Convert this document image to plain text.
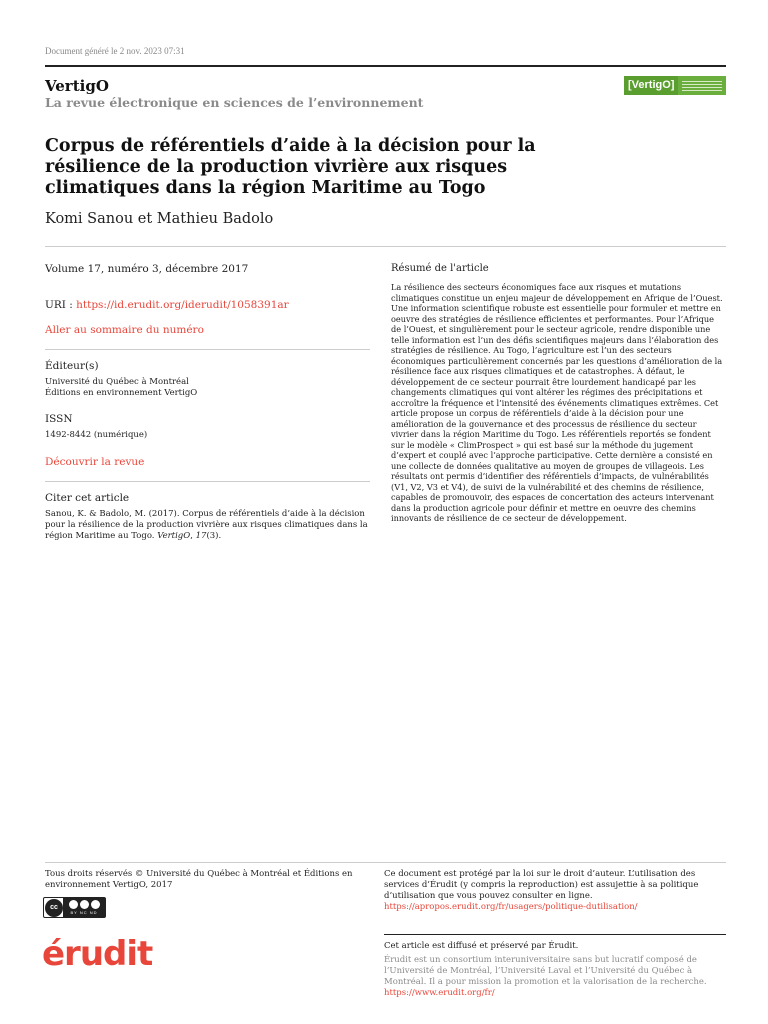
Document généré le 2 nov. 2023 07:31
VertigO
La revue électronique en sciences de l’environnement
[VertigO]
Corpus de référentiels d’aide à la décision pour la résilience de la production vivrière aux risques climatiques dans la région Maritime au Togo
Komi Sanou et Mathieu Badolo
Volume 17, numéro 3, décembre 2017
URI : https://id.erudit.org/iderudit/1058391ar
Aller au sommaire du numéro
Éditeur(s)
Université du Québec à Montréal
Éditions en environnement VertigO
ISSN
1492-8442 (numérique)
Découvrir la revue
Citer cet article
Sanou, K. & Badolo, M. (2017). Corpus de référentiels d’aide à la décision pour la résilience de la production vivrière aux risques climatiques dans la région Maritime au Togo. VertigO, 17(3).
Résumé de l'article
La résilience des secteurs économiques face aux risques et mutations climatiques constitue un enjeu majeur de développement en Afrique de l’Ouest. Une information scientifique robuste est essentielle pour formuler et mettre en oeuvre des stratégies de résilience efficientes et performantes. Pour l’Afrique de l’Ouest, et singulièrement pour le secteur agricole, rendre disponible une telle information est l’un des défis scientifiques majeurs dans l’élaboration des stratégies de résilience. Au Togo, l’agriculture est l’un des secteurs économiques particulièrement concernés par les questions d’amélioration de la résilience face aux risques climatiques et de catastrophes. À défaut, le développement de ce secteur pourrait être lourdement handicapé par les changements climatiques qui vont altérer les régimes des précipitations et accroître la fréquence et l’intensité des événements climatiques extrêmes. Cet article propose un corpus de référentiels d’aide à la décision pour une amélioration de la gouvernance et des processus de résilience du secteur vivrier dans la région Maritime du Togo. Les référentiels reportés se fondent sur le modèle « ClimProspect » qui est basé sur la méthode du jugement d’expert et couplé avec l’approche participative. Cette dernière a consisté en une collecte de données qualitative au moyen de groupes de villageois. Les résultats ont permis d’identifier des référentiels d’impacts, de vulnérabilités (V1, V2, V3 et V4), de suivi de la vulnérabilité et des chemins de résilience, capables de promouvoir, des espaces de concertation des acteurs intervenant dans la production agricole pour définir et mettre en oeuvre des chemins innovants de résilience de ce secteur de développement.
Tous droits réservés © Université du Québec à Montréal et Éditions en environnement VertigO, 2017
cc
BY NC ND
Ce document est protégé par la loi sur le droit d’auteur. L’utilisation des services d’Érudit (y compris la reproduction) est assujettie à sa politique d’utilisation que vous pouvez consulter en ligne.
https://apropos.erudit.org/fr/usagers/politique-dutilisation/
érudit	Cet article est diffusé et préservé par Érudit.
Érudit est un consortium interuniversitaire sans but lucratif composé de l’Université de Montréal, l’Université Laval et l’Université du Québec à Montréal. Il a pour mission la promotion et la valorisation de la recherche.
https://www.erudit.org/fr/
